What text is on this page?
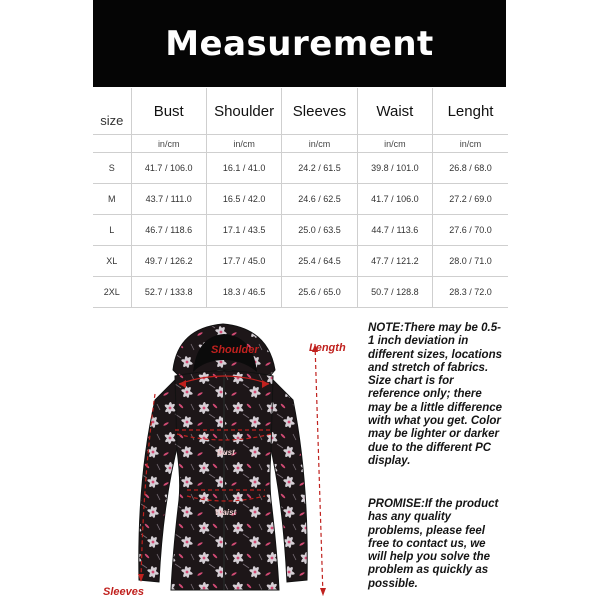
Measurement
size	Bust	Shoulder	Sleeves	Waist	Lenght
	in/cm	in/cm	in/cm	in/cm	in/cm
S	41.7 / 106.0	16.1 / 41.0	24.2 / 61.5	39.8 / 101.0	26.8 / 68.0
M	43.7 / 111.0	16.5 / 42.0	24.6 / 62.5	41.7 / 106.0	27.2 / 69.0
L	46.7 / 118.6	17.1 / 43.5	25.0 / 63.5	44.7 / 113.6	27.6 / 70.0
XL	49.7 / 126.2	17.7 / 45.0	25.4 / 64.5	47.7 / 121.2	28.0 / 71.0
2XL	52.7 / 133.8	18.3 / 46.5	25.6 / 65.0	50.7 / 128.8	28.3 / 72.0
Shoulder	Length
Sleeves
Bust
Waist
NOTE:There may be 0.5-1 inch deviation in different sizes, locations and stretch of fabrics. Size chart is for reference only; there may be a little difference with what you get. Color may be lighter or darker due to the different PC display.
PROMISE:If the product has any quality problems, please feel free to contact us, we will help you solve the problem as quickly as possible.
